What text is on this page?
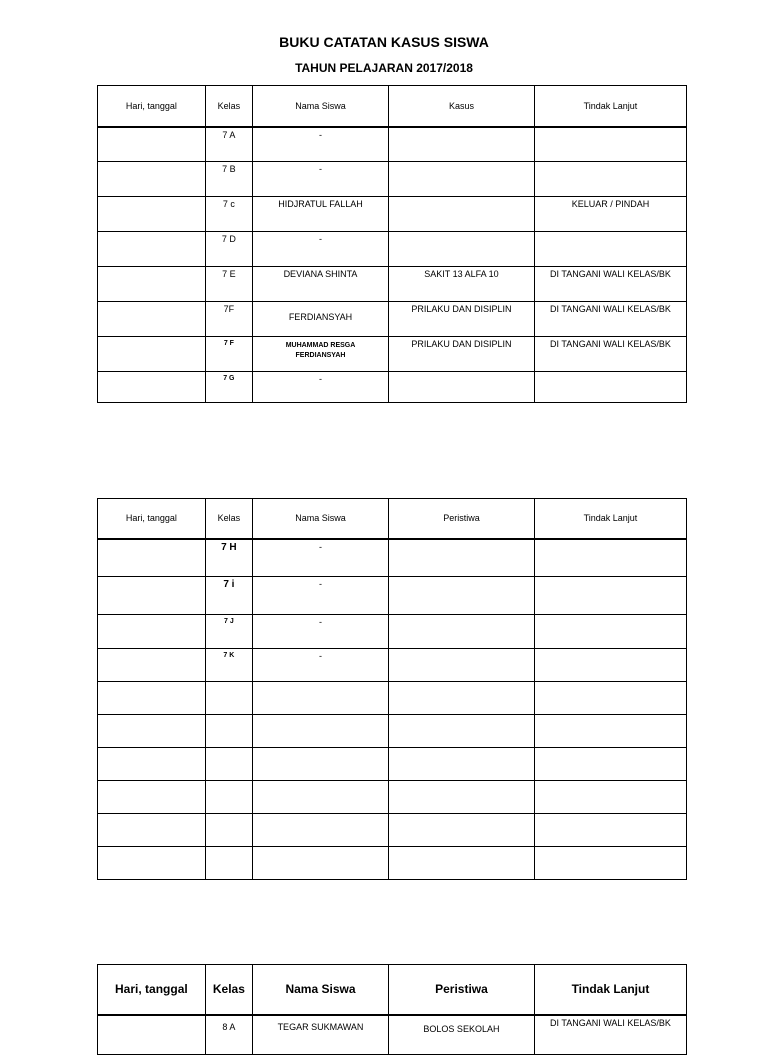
BUKU CATATAN KASUS SISWA
TAHUN PELAJARAN 2017/2018
Hari, tanggal	Kelas	Nama Siswa	Kasus	Tindak Lanjut

	7 A	-		

	7 B	-		

	7 c	HIDJRATUL FALLAH		KELUAR / PINDAH

	7 D	-		

	7 E	DEVIANA SHINTA	SAKIT 13 ALFA 10	DI TANGANI WALI KELAS/BK

	7F	FERDIANSYAH	PRILAKU DAN DISIPLIN	DI TANGANI WALI KELAS/BK

	7 F	MUHAMMAD RESGA FERDIANSYAH	PRILAKU DAN DISIPLIN	DI TANGANI WALI KELAS/BK

	7 G	-		

Hari, tanggal	Kelas	Nama Siswa	Peristiwa	Tindak Lanjut

	7 H	-		

	7 i	-		

	7 J	-		

	7 K	-		

Hari, tanggal	Kelas	Nama Siswa	Peristiwa	Tindak Lanjut

	8 A	TEGAR SUKMAWAN	BOLOS SEKOLAH	DI TANGANI WALI KELAS/BK
